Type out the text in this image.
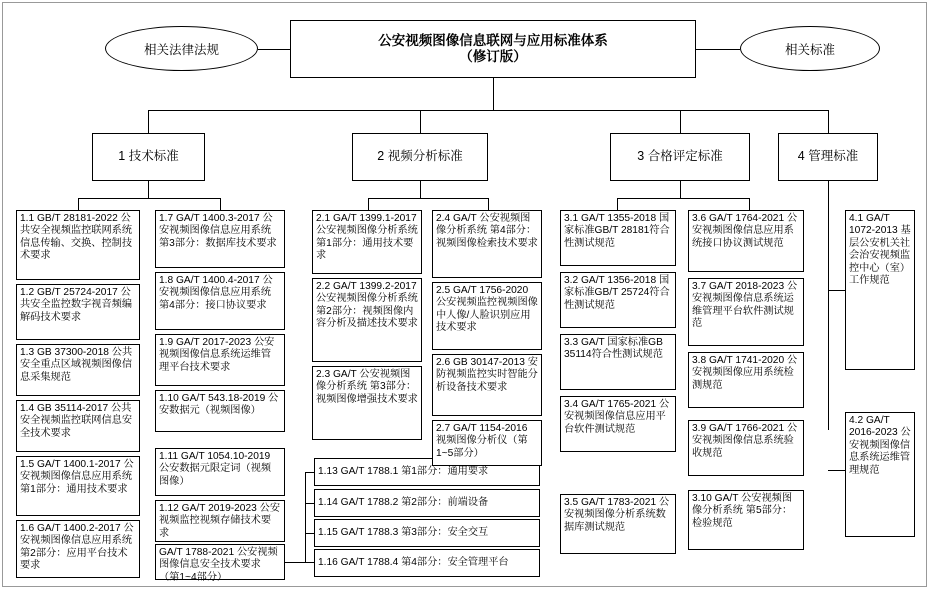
公安视频图像信息联网与应用标准体系
（修订版）
相关法律法规	相关标准
1 技术标准	2 视频分析标准	3 合格评定标准	4 管理标准
1.1 GB/T 28181-2022 公共安全视频监控联网系统信息传输、交换、控制技术要求
1.2 GB/T 25724-2017 公共安全监控数字视音频编解码技术要求
1.3 GB 37300-2018 公共安全重点区域视频图像信息采集规范
1.4 GB 35114-2017 公共安全视频监控联网信息安全技术要求
1.5 GA/T 1400.1-2017 公安视频图像信息应用系统 第1部分：通用技术要求
1.6 GA/T 1400.2-2017 公安视频图像信息应用系统 第2部分：应用平台技术要求
1.7 GA/T 1400.3-2017 公安视频图像信息应用系统 第3部分：数据库技术要求
1.8 GA/T 1400.4-2017 公安视频图像信息应用系统 第4部分：接口协议要求
1.9 GA/T 2017-2023 公安视频图像信息系统运维管理平台技术要求
1.10 GA/T 543.18-2019 公安数据元（视频图像）
1.11 GA/T 1054.10-2019 公安数据元限定词（视频图像）
1.12 GA/T 2019-2023 公安视频监控视频存储技术要求
GA/T 1788-2021 公安视频图像信息安全技术要求（第1~4部分）
1.13 GA/T 1788.1 第1部分：通用要求
1.14 GA/T 1788.2 第2部分：前端设备
1.15 GA/T 1788.3 第3部分：安全交互
1.16 GA/T 1788.4 第4部分：安全管理平台
2.1 GA/T 1399.1-2017 公安视频图像分析系统 第1部分：通用技术要求
2.2 GA/T 1399.2-2017 公安视频图像分析系统 第2部分：视频图像内容分析及描述技术要求
2.3 GA/T 公安视频图像分析系统 第3部分：视频图像增强技术要求
2.4 GA/T 公安视频图像分析系统 第4部分：视频图像检索技术要求
2.5 GA/T 1756-2020 公安视频监控视频图像中人像/人脸识别应用技术要求
2.6 GB 30147-2013 安防视频监控实时智能分析设备技术要求
2.7 GA/T 1154-2016 视频图像分析仪（第1~5部分）
3.1 GA/T 1355-2018 国家标准GB/T 28181符合性测试规范
3.2 GA/T 1356-2018 国家标准GB/T 25724符合性测试规范
3.3 GA/T 国家标准GB 35114符合性测试规范
3.4 GA/T 1765-2021 公安视频图像信息应用平台软件测试规范
3.5 GA/T 1783-2021 公安视频图像分析系统数据库测试规范
3.6 GA/T 1764-2021 公安视频图像信息应用系统接口协议测试规范
3.7 GA/T 2018-2023 公安视频图像信息系统运维管理平台软件测试规范
3.8 GA/T 1741-2020 公安视频图像应用系统检测规范
3.9 GA/T 1766-2021 公安视频图像信息系统验收规范
3.10 GA/T 公安视频图像分析系统 第5部分：检验规范
4.1 GA/T 1072-2013 基层公安机关社会治安视频监控中心（室）工作规范
4.2 GA/T 2016-2023 公安视频图像信息系统运维管理规范
